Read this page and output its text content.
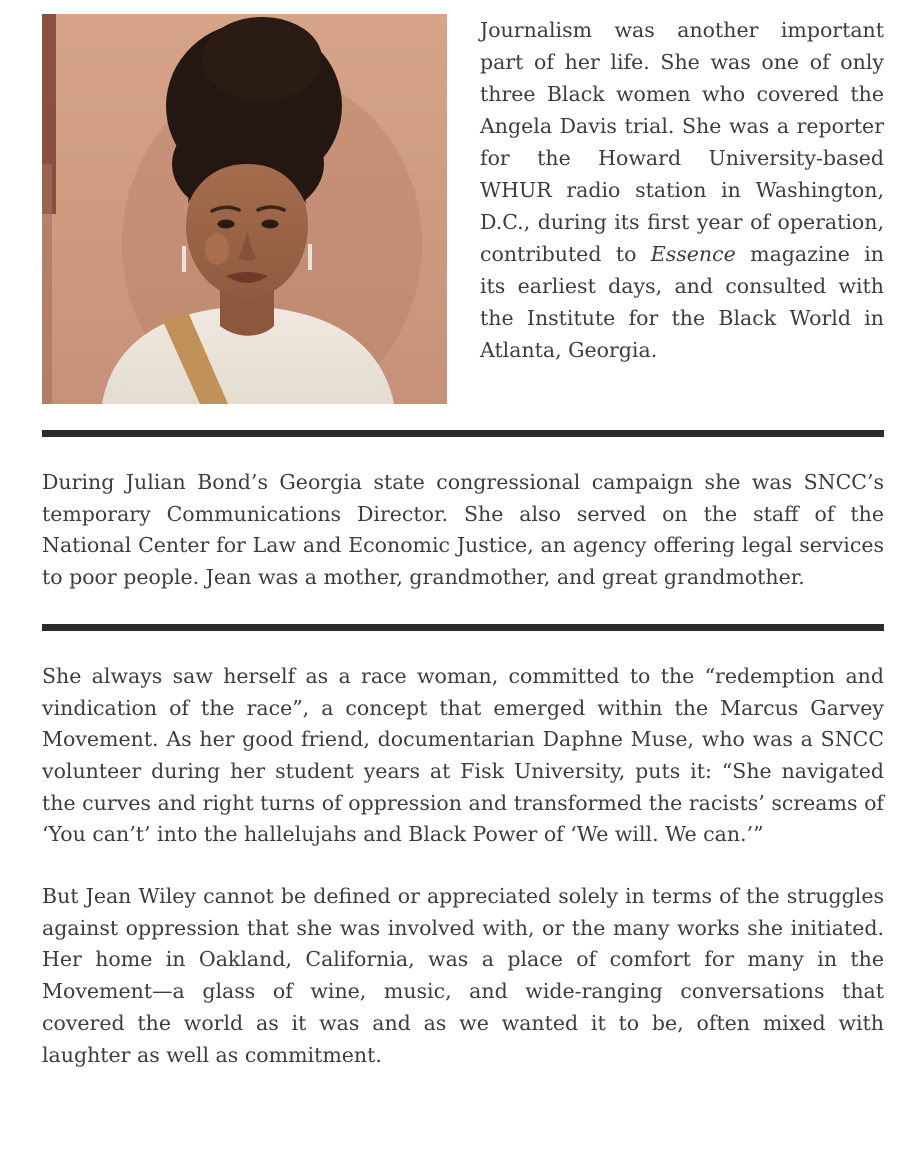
Journalism was another important part of her life. She was one of only three Black women who covered the Angela Davis trial. She was a reporter for the Howard University-based WHUR radio station in Washington, D.C., during its first year of operation, contributed to Essence magazine in its earliest days, and consulted with the Institute for the Black World in Atlanta, Georgia.

During Julian Bond’s Georgia state congressional campaign she was SNCC’s temporary Communications Director. She also served on the staff of the National Center for Law and Economic Justice, an agency offering legal services to poor people. Jean was a mother, grandmother, and great grandmother.

She always saw herself as a race woman, committed to the “redemption and vindication of the race”, a concept that emerged within the Marcus Garvey Movement. As her good friend, documentarian Daphne Muse, who was a SNCC volunteer during her student years at Fisk University, puts it: “She navigated the curves and right turns of oppression and transformed the racists’ screams of ‘You can’t’ into the hallelujahs and Black Power of ‘We will. We can.’”

But Jean Wiley cannot be defined or appreciated solely in terms of the struggles against oppression that she was involved with, or the many works she initiated. Her home in Oakland, California, was a place of comfort for many in the Movement—a glass of wine, music, and wide-ranging conversations that covered the world as it was and as we wanted it to be, often mixed with laughter as well as commitment.
